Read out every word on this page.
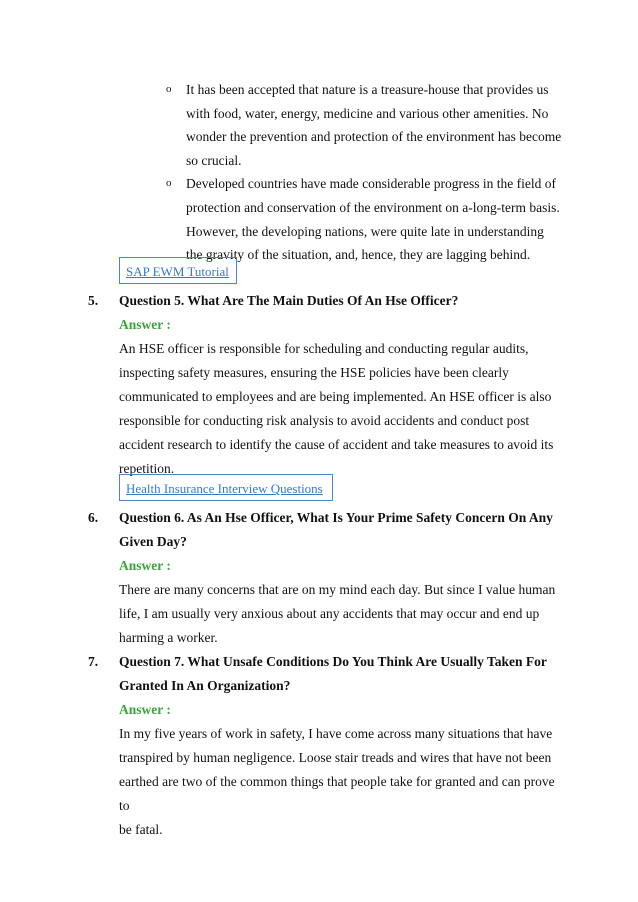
o It has been accepted that nature is a treasure-house that provides us
with food, water, energy, medicine and various other amenities. No
wonder the prevention and protection of the environment has become
so crucial.
o Developed countries have made considerable progress in the field of
protection and conservation of the environment on a-long-term basis.
However, the developing nations, were quite late in understanding
the gravity of the situation, and, hence, they are lagging behind.
SAP EWM Tutorial
5. Question 5. What Are The Main Duties Of An Hse Officer?
Answer :
An HSE officer is responsible for scheduling and conducting regular audits,
inspecting safety measures, ensuring the HSE policies have been clearly
communicated to employees and are being implemented. An HSE officer is also
responsible for conducting risk analysis to avoid accidents and conduct post
accident research to identify the cause of accident and take measures to avoid its
repetition.
Health Insurance Interview Questions
6. Question 6. As An Hse Officer, What Is Your Prime Safety Concern On Any
Given Day?
Answer :
There are many concerns that are on my mind each day. But since I value human
life, I am usually very anxious about any accidents that may occur and end up
harming a worker.
7. Question 7. What Unsafe Conditions Do You Think Are Usually Taken For
Granted In An Organization?
Answer :
In my five years of work in safety, I have come across many situations that have
transpired by human negligence. Loose stair treads and wires that have not been
earthed are two of the common things that people take for granted and can prove to
be fatal.
